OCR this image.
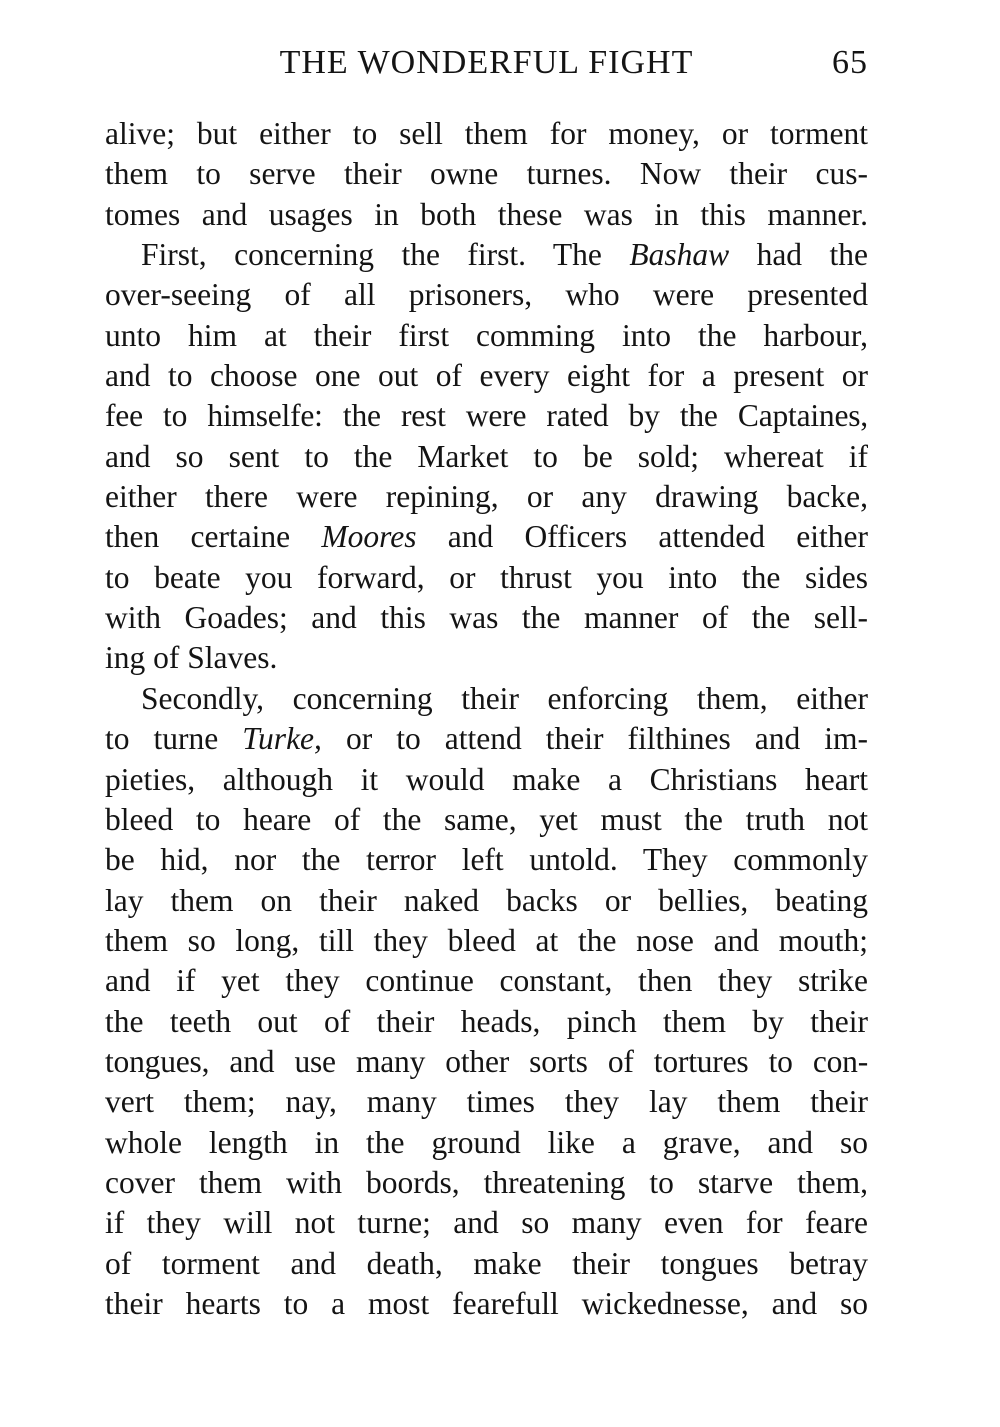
THE WONDERFUL FIGHT	65
alive; but either to sell them for money, or torment
them to serve their owne turnes. Now their cus-
tomes and usages in both these was in this manner.
First, concerning the first. The Bashaw had the
over-seeing of all prisoners, who were presented
unto him at their first comming into the harbour,
and to choose one out of every eight for a present or
fee to himselfe: the rest were rated by the Captaines,
and so sent to the Market to be sold; whereat if
either there were repining, or any drawing backe,
then certaine Moores and Officers attended either
to beate you forward, or thrust you into the sides
with Goades; and this was the manner of the sell-
ing of Slaves.
Secondly, concerning their enforcing them, either
to turne Turke, or to attend their filthines and im-
pieties, although it would make a Christians heart
bleed to heare of the same, yet must the truth not
be hid, nor the terror left untold. They commonly
lay them on their naked backs or bellies, beating
them so long, till they bleed at the nose and mouth;
and if yet they continue constant, then they strike
the teeth out of their heads, pinch them by their
tongues, and use many other sorts of tortures to con-
vert them; nay, many times they lay them their
whole length in the ground like a grave, and so
cover them with boords, threatening to starve them,
if they will not turne; and so many even for feare
of torment and death, make their tongues betray
their hearts to a most fearefull wickednesse, and so
